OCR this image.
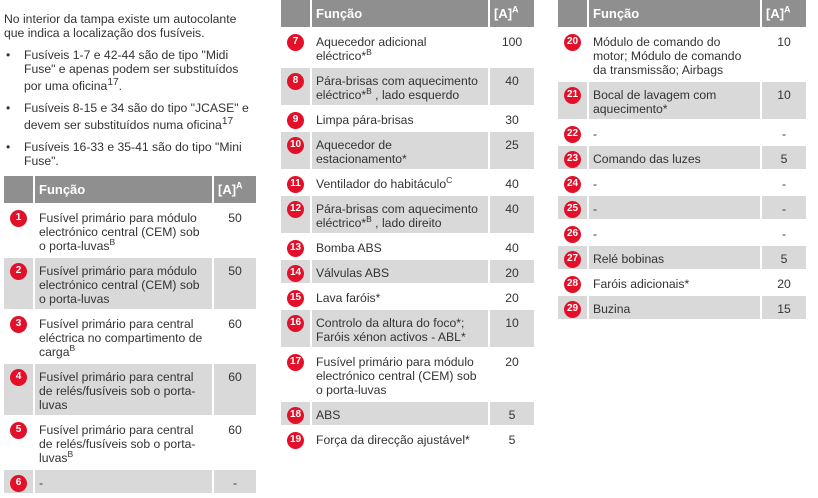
No interior da tampa existe um autocolante que indica a localização dos fusíveis.

• Fusíveis 1-7 e 42-44 são de tipo "Midi Fuse" e apenas podem ser substituídos por uma oficina$^{17}$.
• Fusíveis 8-15 e 34 são do tipo "JCASE" e devem ser substituídos numa oficina$^{17}$
• Fusíveis 16-33 e 35-41 são do tipo "Mini Fuse".
	Função	$[A]^A$
1	Fusível primário para módulo electrónico central (CEM) sob o porta-luvas$^B$	50
2	Fusível primário para módulo electrónico central (CEM) sob o porta-luvas	50
3	Fusível primário para central eléctrica no compartimento de carga$^B$	60
4	Fusível primário para central de relés/fusíveis sob o porta-luvas	60
5	Fusível primário para central de relés/fusíveis sob o porta-luvas$^B$	60
6	-	-
	Função	$[A]^A$
7	Aquecedor adicional eléctrico*$^B$	100
8	Pára-brisas com aquecimento eléctrico*$^B$ , lado esquerdo	40
9	Limpa pára-brisas	30
10	Aquecedor de estacionamento*	25
11	Ventilador do habitáculo$^C$	40
12	Pára-brisas com aquecimento eléctrico*$^B$ , lado direito	40
13	Bomba ABS	40
14	Válvulas ABS	20
15	Lava faróis*	20
16	Controlo da altura do foco*; Faróis xénon activos - ABL*	10
17	Fusível primário para módulo electrónico central (CEM) sob o porta-luvas	20
18	ABS	5
19	Força da direcção ajustável*	5
	Função	$[A]^A$
20	Módulo de comando do motor; Módulo de comando da transmissão; Airbags	10
21	Bocal de lavagem com aquecimento*	10
22	-	-
23	Comando das luzes	5
24	-	-
25	-	-
26	-	-
27	Relé bobinas	5
28	Faróis adicionais*	20
29	Buzina	15
